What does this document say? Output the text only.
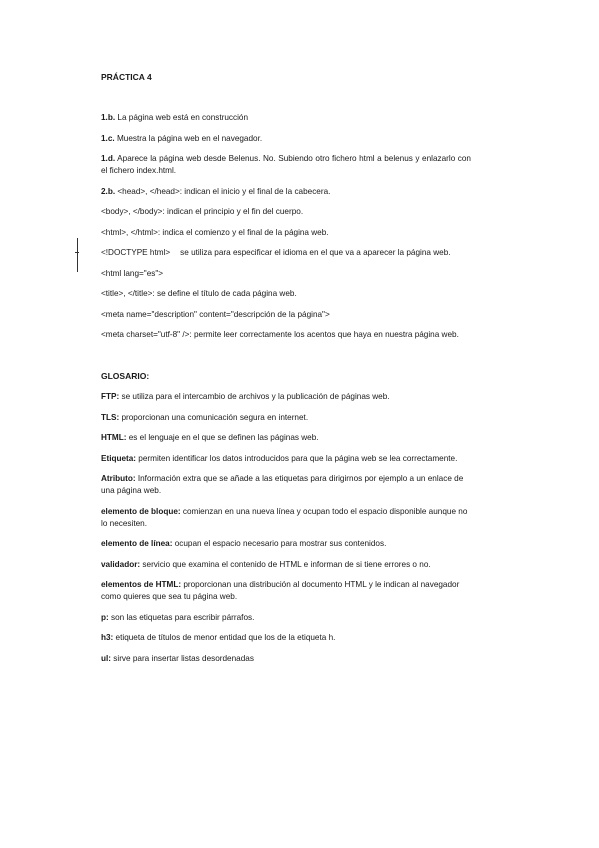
PRÁCTICA 4
1.b. La página web está en construcción
1.c. Muestra la página web en el navegador.
1.d. Aparece la página web desde Belenus. No. Subiendo otro fichero html a belenus y enlazarlo con el fichero index.html.
2.b. <head>, </head>: indican el inicio y el final de la cabecera.
<body>, </body>: indican el principio y el fin del cuerpo.
<html>, </html>: indica el comienzo y el final de la página web.
<!DOCTYPE html> se utiliza para especificar el idioma en el que va a aparecer la página web.
<html lang="es">
<title>, </title>: se define el título de cada página web.
<meta name="description" content="descripción de la página">
<meta charset="utf-8" />: permite leer correctamente los acentos que haya en nuestra página web.
GLOSARIO:
FTP: se utiliza para el intercambio de archivos y la publicación de páginas web.
TLS: proporcionan una comunicación segura en internet.
HTML: es el lenguaje en el que se definen las páginas web.
Etiqueta: permiten identificar los datos introducidos para que la página web se lea correctamente.
Atributo: Información extra que se añade a las etiquetas para dirigirnos por ejemplo a un enlace de una página web.
elemento de bloque: comienzan en una nueva línea y ocupan todo el espacio disponible aunque no lo necesiten.
elemento de línea: ocupan el espacio necesario para mostrar sus contenidos.
validador: servicio que examina el contenido de HTML e informan de si tiene errores o no.
elementos de HTML: proporcionan una distribución al documento HTML y le indican al navegador como quieres que sea tu página web.
p: son las etiquetas para escribir párrafos.
h3: etiqueta de títulos de menor entidad que los de la etiqueta h.
ul: sirve para insertar listas desordenadas
